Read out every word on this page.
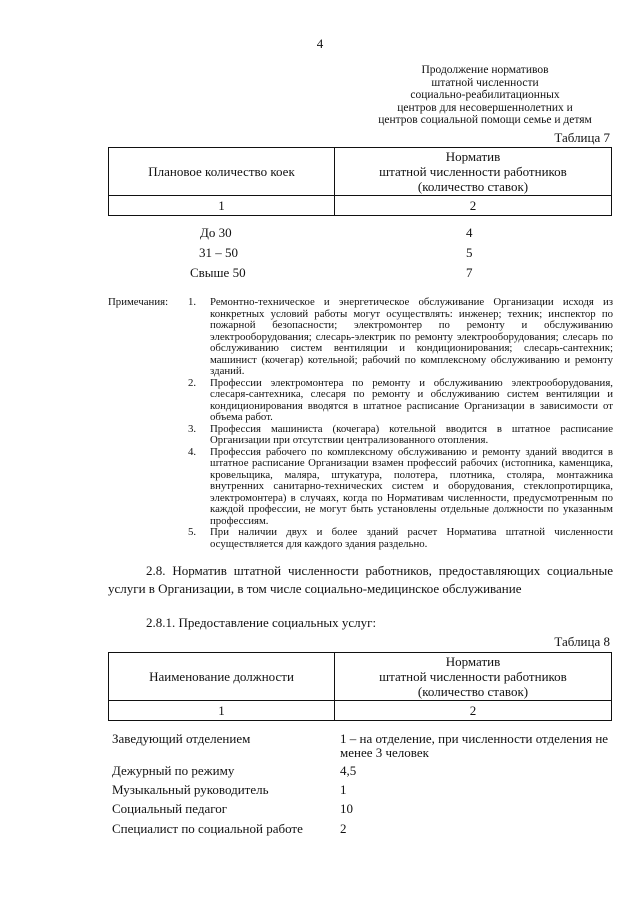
4
Продолжение нормативов
штатной численности
социально-реабилитационных
центров для несовершеннолетних и
центров социальной помощи семье и детям
Таблица 7
Плановое количество коек	Норматив
штатной численности работников
(количество ставок)

1	2
До 30	4
31 – 50	5
Свыше 50	7
Примечания: 1. Ремонтно-техническое и энергетическое обслуживание Организации исходя из конкретных условий работы могут осуществлять: инженер; техник; инспектор по пожарной безопасности; электромонтер по ремонту и обслуживанию электрооборудования; слесарь-электрик по ремонту электрооборудования; слесарь по обслуживанию систем вентиляции и кондиционирования; слесарь-сантехник; машинист (кочегар) котельной; рабочий по комплексному обслуживанию и ремонту зданий.
2. Профессии электромонтера по ремонту и обслуживанию электрооборудования, слесаря-сантехника, слесаря по ремонту и обслуживанию систем вентиляции и кондиционирования вводятся в штатное расписание Организации в зависимости от объема работ.
3. Профессия машиниста (кочегара) котельной вводится в штатное расписание Организации при отсутствии централизованного отопления.
4. Профессия рабочего по комплексному обслуживанию и ремонту зданий вводится в штатное расписание Организации взамен профессий рабочих (истопника, каменщика, кровельщика, маляра, штукатура, полотера, плотника, столяра, монтажника внутренних санитарно-технических систем и оборудования, стеклопротирщика, электромонтера) в случаях, когда по Нормативам численности, предусмотренным по каждой профессии, не могут быть установлены отдельные должности по указанным профессиям.
5. При наличии двух и более зданий расчет Норматива штатной численности осуществляется для каждого здания раздельно.
2.8. Норматив штатной численности работников, предоставляющих социальные услуги в Организации, в том числе социально-медицинское обслуживание
2.8.1. Предоставление социальных услуг:
Таблица 8
Наименование должности	Норматив
штатной численности работников
(количество ставок)

1	2
Заведующий отделением	1 – на отделение, при численности отделения не менее 3 человек
Дежурный по режиму	4,5
Музыкальный руководитель	1
Социальный педагог	10
Специалист по социальной работе	2
